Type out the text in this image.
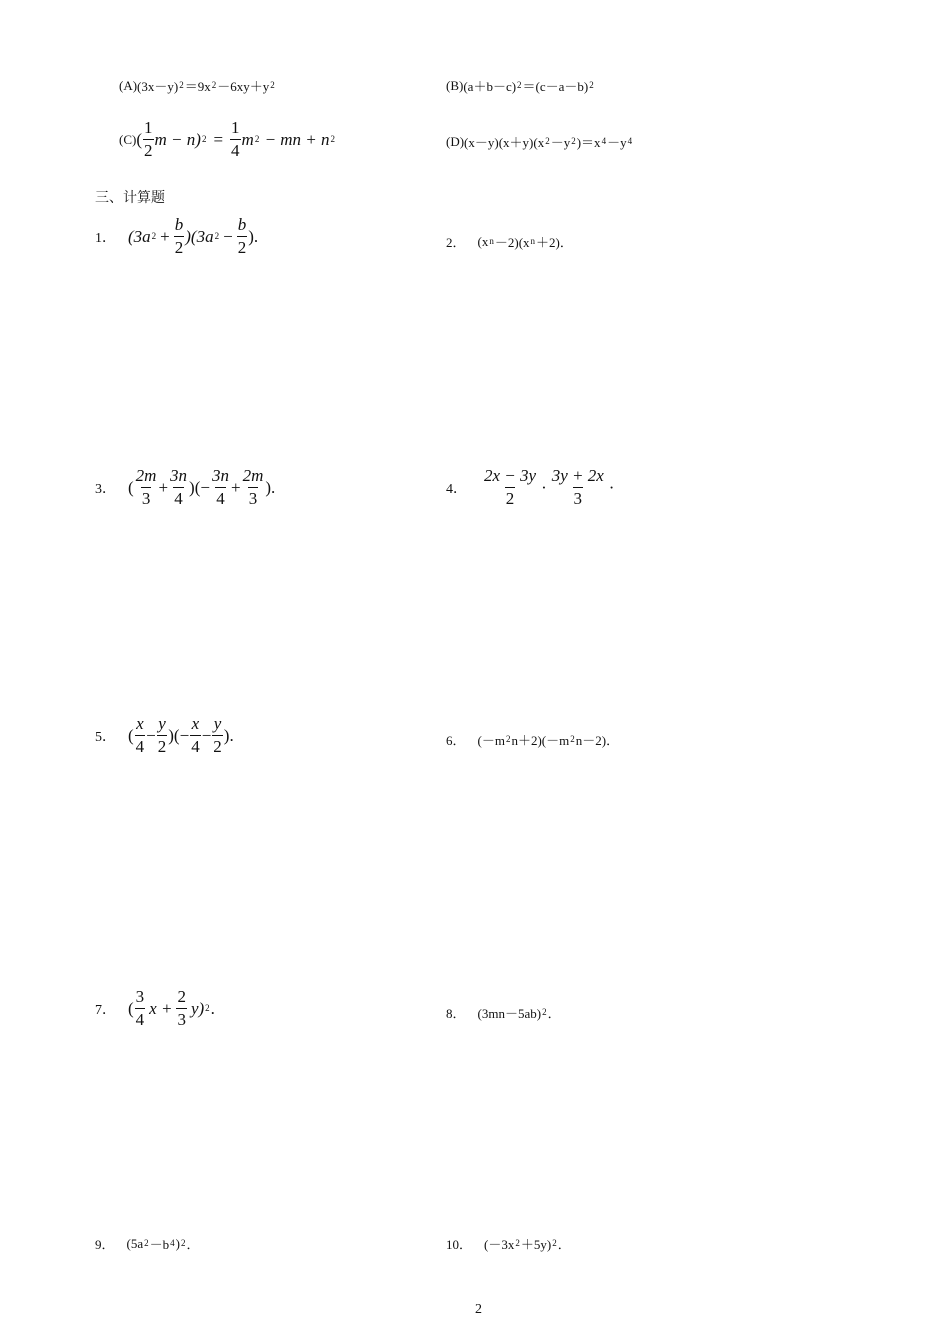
(A) (3x－y) 2 ＝9x 2 －6xy＋y 2	(B) (a＋b－c) 2 ＝(c－a－b) 2
(C) ( $\frac{1}{2}$ m − n) $2 = \frac{1}{4}$ m 2 − mn + n 2	(D) (x－y)(x＋y)(x 2 －y 2 )＝x 4 －y 4
三、计算题
1． (3a $2 + \frac{b}{2} )(3a$ $2 - \frac{b}{2}$ ).	2． (x n －2)(x n ＋2)．
3． ( $\frac{2m}{3} + \frac{3n}{4}$ )(− $\frac{3n}{4} + \frac{2m}{3}$ ).	4． $\frac{2x - 3y}{2} \cdot \frac{3y + 2x}{3}$ ·
5． ( $\frac{x}{4} - \frac{y}{2}$ )(− $\frac{x}{4} - \frac{y}{2}$ ).	6． (－m 2 n＋2)(－m 2 n－2)．
7． ( $\frac{3}{4}$ $x + \frac{2}{3} y$) 2 .	8． (3mn－5ab) 2 ．
9． (5a 2 －b 4 ) 2 ．	10． (－3x 2 ＋5y) 2 ．
2
